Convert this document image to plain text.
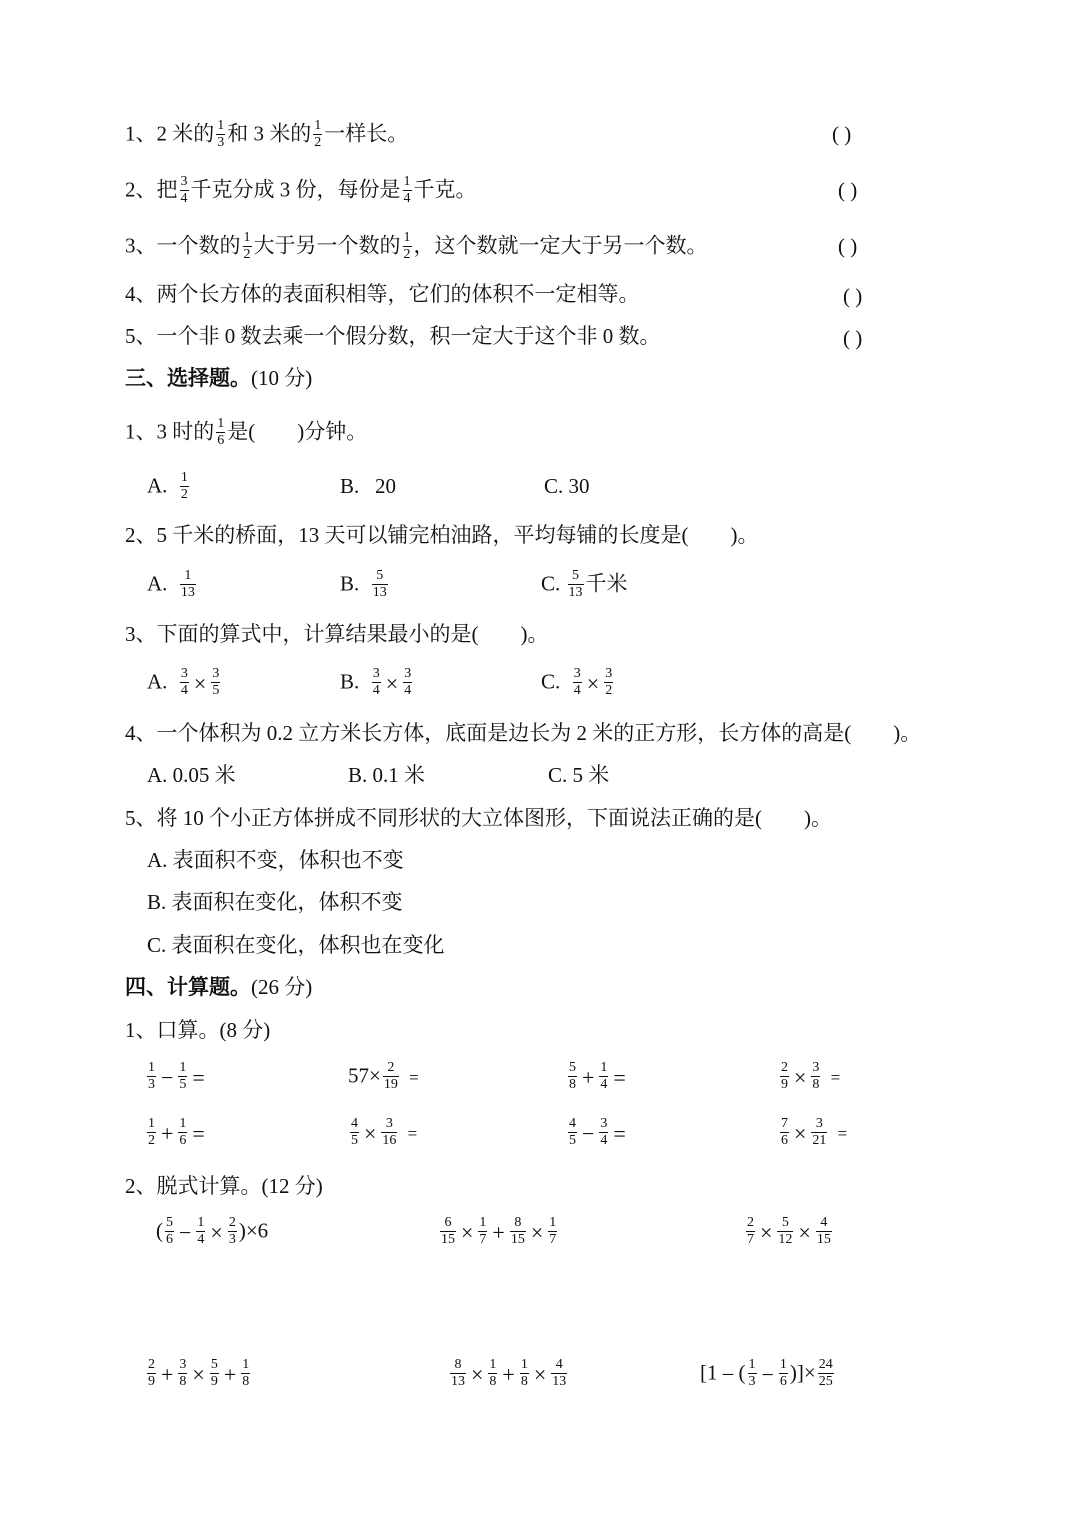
1、2 米的 $\frac{1}{3}$ 和 3 米的 $\frac{1}{2}$ 一样长。	( )
2、把 $\frac{3}{4}$ 千克分成 3 份，每份是 $\frac{1}{4}$ 千克。	( )
3、一个数的 $\frac{1}{2}$ 大于另一个数的 $\frac{1}{2}$ ，这个数就一定大于另一个数。	( )
4、两个长方体的表面积相等，它们的体积不一定相等。	( )
5、一个非 0 数去乘一个假分数，积一定大于这个非 0 数。	( )
三、选择题。(10 分)
1、3 时的 $\frac{1}{6}$ 是( )分钟。
A. $\frac{1}{2}$	B. 20	C. 30
2、5 千米的桥面，13 天可以铺完柏油路，平均每铺的长度是( )。
A. $\frac{1}{13}$	B. $\frac{5}{13}$	C. $\frac{5}{13}$ 千米
3、下面的算式中，计算结果最小的是( )。
A. $\frac{3}{4} \times \frac{3}{5}$	B. $\frac{3}{4} \times \frac{3}{4}$	C. $\frac{3}{4} \times \frac{3}{2}$
4、一个体积为 0.2 立方米长方体，底面是边长为 2 米的正方形，长方体的高是( )。
A. 0.05 米	B. 0.1 米	C. 5 米
5、将 10 个小正方体拼成不同形状的大立体图形，下面说法正确的是( )。
A. 表面积不变，体积也不变
B. 表面积在变化，体积不变
C. 表面积在变化，体积也在变化
四、计算题。(26 分)
1、口算。(8 分)
$\frac{1}{3} - \frac{1}{5}$ =	$57\times \frac{2}{19}$ =	$\frac{5}{8} + \frac{1}{4}$ =	$\frac{2}{9} \times \frac{3}{8}$ =
$\frac{1}{2} + \frac{1}{6}$ =	$\frac{4}{5} \times \frac{3}{16}$ =	$\frac{4}{5} - \frac{3}{4}$ =	$\frac{7}{6} \times \frac{3}{21}$ =
2、脱式计算。(12 分)
( $\frac{5}{6} - \frac{1}{4} \times \frac{2}{3} )\times 6$	$\frac{6}{15} \times \frac{1}{7} + \frac{8}{15} \times \frac{1}{7}$	$\frac{2}{7} \times \frac{5}{12} \times \frac{4}{15}$
$\frac{2}{9} + \frac{3}{8} \times \frac{5}{9} + \frac{1}{8}$	$\frac{8}{13} \times \frac{1}{8} + \frac{1}{8} \times \frac{4}{13}$	[1 – ( $\frac{1}{3} - \frac{1}{6}$ )]× $\frac{24}{25}$
